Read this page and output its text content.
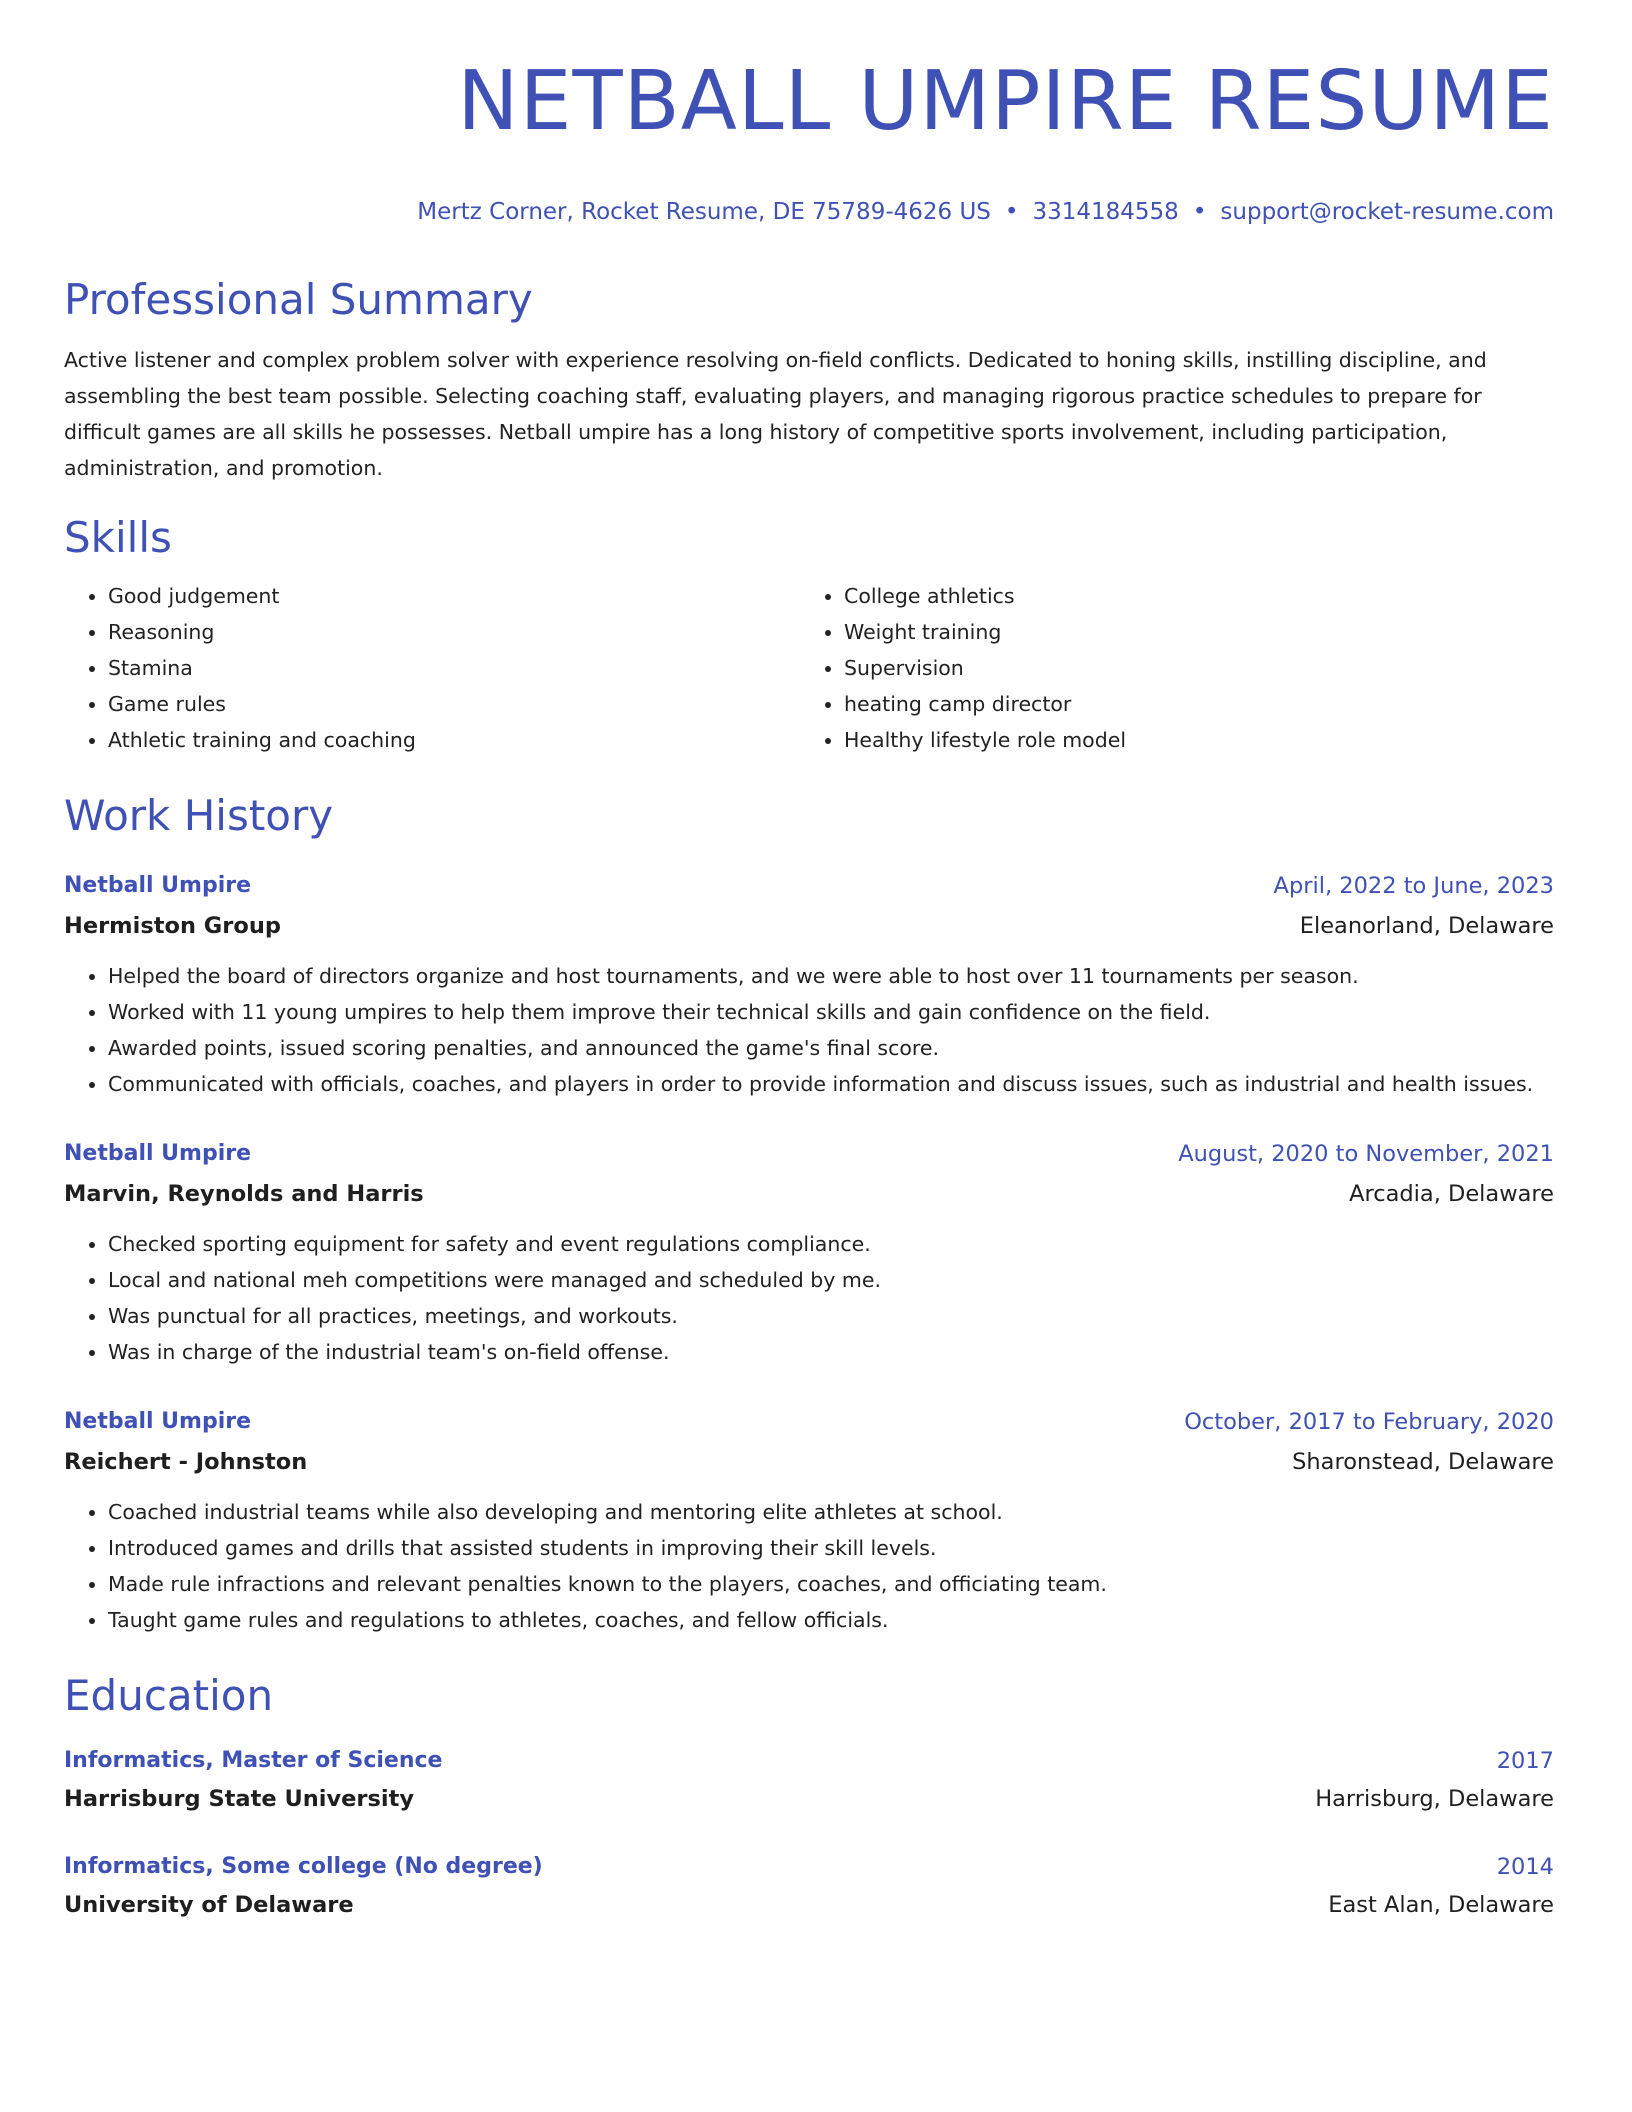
NETBALL UMPIRE RESUME
Mertz Corner, Rocket Resume, DE 75789-4626 US • 3314184558 • support@rocket-resume.com
Professional Summary

Active listener and complex problem solver with experience resolving on-field conflicts. Dedicated to honing skills, instilling discipline, and assembling the best team possible. Selecting coaching staff, evaluating players, and managing rigorous practice schedules to prepare for difficult games are all skills he possesses. Netball umpire has a long history of competitive sports involvement, including participation, administration, and promotion.

Skills
• Good judgement
• Reasoning
• Stamina
• Game rules
• Athletic training and coaching
• College athletics
• Weight training
• Supervision
• heating camp director
• Healthy lifestyle role model
Work History
Netball Umpire	April, 2022 to June, 2023
Hermiston Group	Eleanorland, Delaware
• Helped the board of directors organize and host tournaments, and we were able to host over 11 tournaments per season.
• Worked with 11 young umpires to help them improve their technical skills and gain confidence on the field.
• Awarded points, issued scoring penalties, and announced the game's final score.
• Communicated with officials, coaches, and players in order to provide information and discuss issues, such as industrial and health issues.
Netball Umpire	August, 2020 to November, 2021
Marvin, Reynolds and Harris	Arcadia, Delaware
• Checked sporting equipment for safety and event regulations compliance.
• Local and national meh competitions were managed and scheduled by me.
• Was punctual for all practices, meetings, and workouts.
• Was in charge of the industrial team's on-field offense.
Netball Umpire	October, 2017 to February, 2020
Reichert - Johnston	Sharonstead, Delaware
• Coached industrial teams while also developing and mentoring elite athletes at school.
• Introduced games and drills that assisted students in improving their skill levels.
• Made rule infractions and relevant penalties known to the players, coaches, and officiating team.
• Taught game rules and regulations to athletes, coaches, and fellow officials.
Education
Informatics, Master of Science	2017
Harrisburg State University	Harrisburg, Delaware
Informatics, Some college (No degree)	2014
University of Delaware	East Alan, Delaware
